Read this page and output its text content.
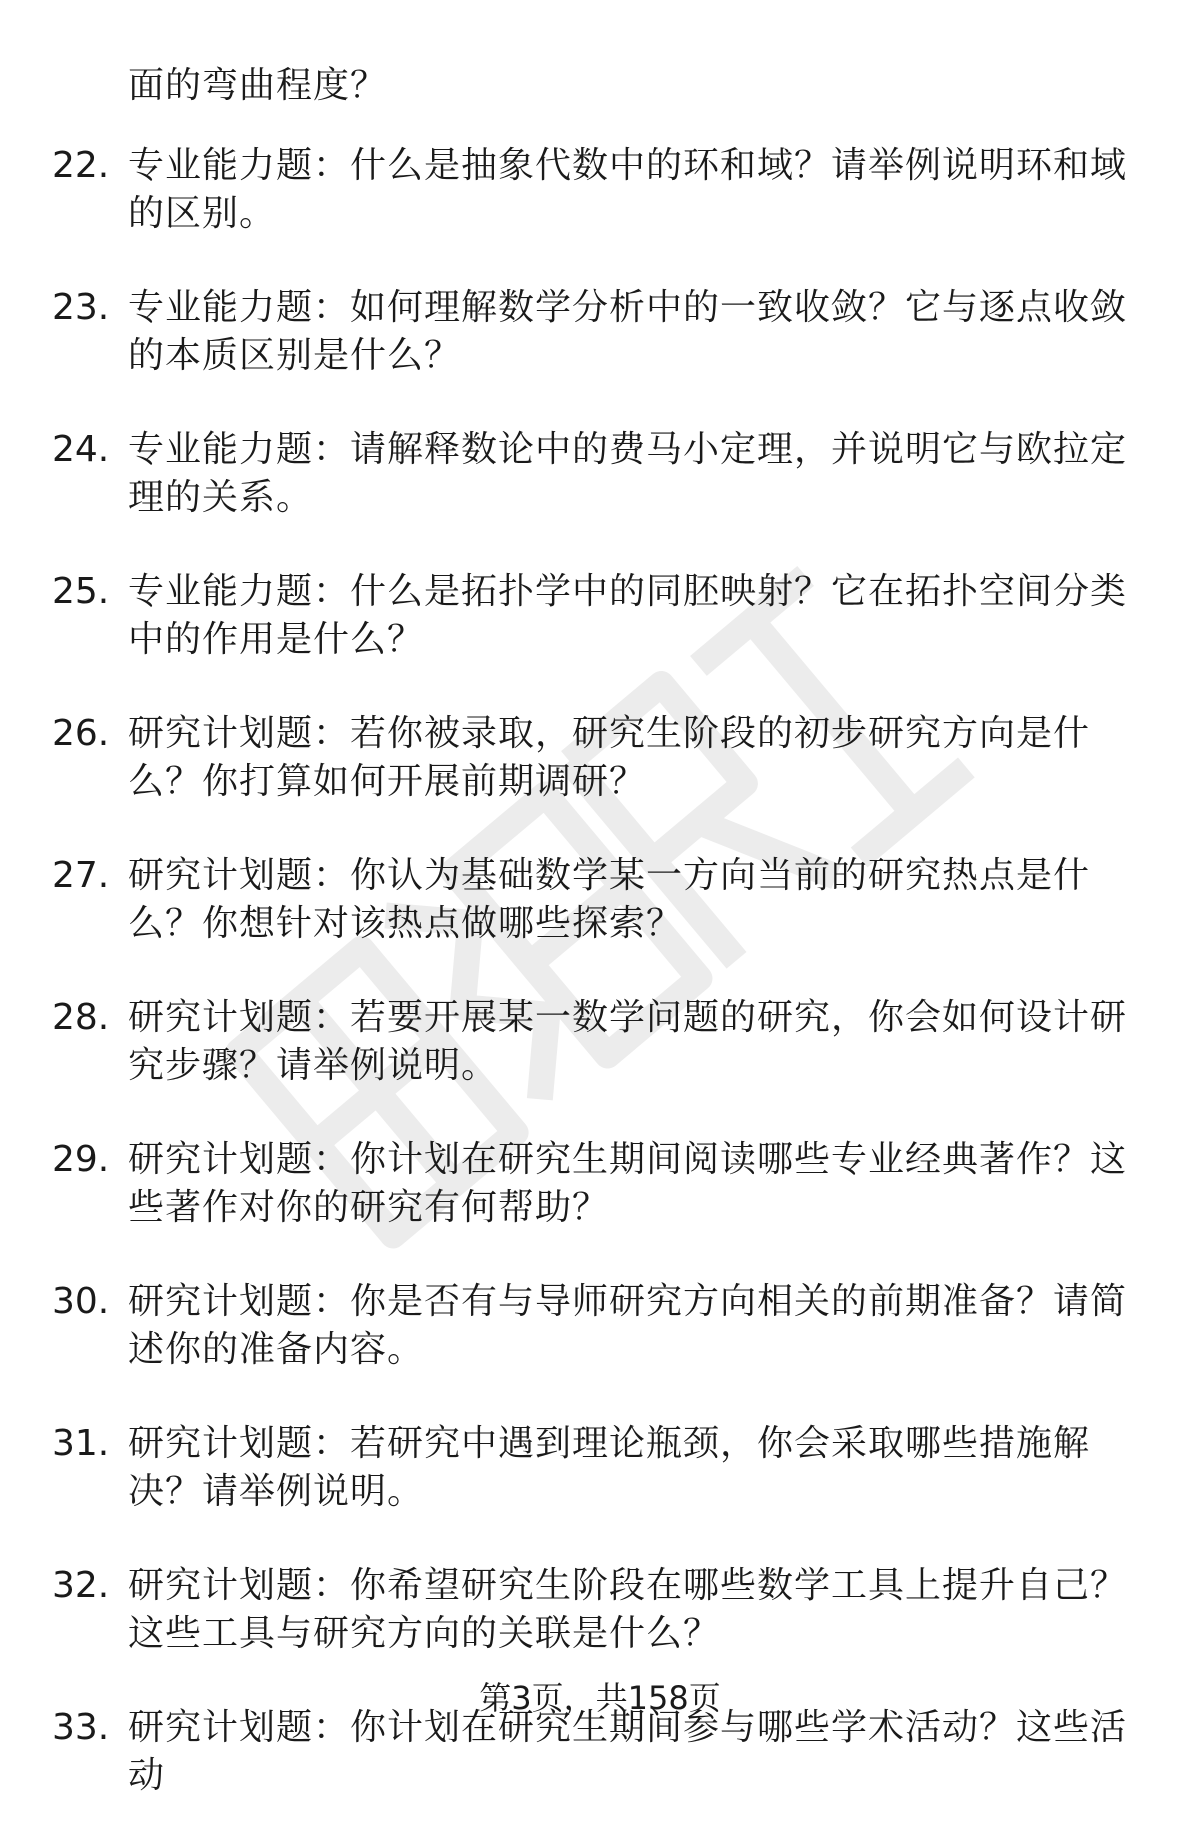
面的弯曲程度？

22. 专业能力题：什么是抽象代数中的环和域？请举例说明环和域的区别。
23. 专业能力题：如何理解数学分析中的一致收敛？它与逐点收敛的本质区别是什么？
24. 专业能力题：请解释数论中的费马小定理，并说明它与欧拉定理的关系。
25. 专业能力题：什么是拓扑学中的同胚映射？它在拓扑空间分类中的作用是什么？
26. 研究计划题：若你被录取，研究生阶段的初步研究方向是什么？你打算如何开展前期调研？
27. 研究计划题：你认为基础数学某一方向当前的研究热点是什么？你想针对该热点做哪些探索？
28. 研究计划题：若要开展某一数学问题的研究，你会如何设计研究步骤？请举例说明。
29. 研究计划题：你计划在研究生期间阅读哪些专业经典著作？这些著作对你的研究有何帮助？
30. 研究计划题：你是否有与导师研究方向相关的前期准备？请简述你的准备内容。
31. 研究计划题：若研究中遇到理论瓶颈，你会采取哪些措施解决？请举例说明。
32. 研究计划题：你希望研究生阶段在哪些数学工具上提升自己？这些工具与研究方向的关联是什么？
33. 研究计划题：你计划在研究生期间参与哪些学术活动？这些活动
第3页，共158页
